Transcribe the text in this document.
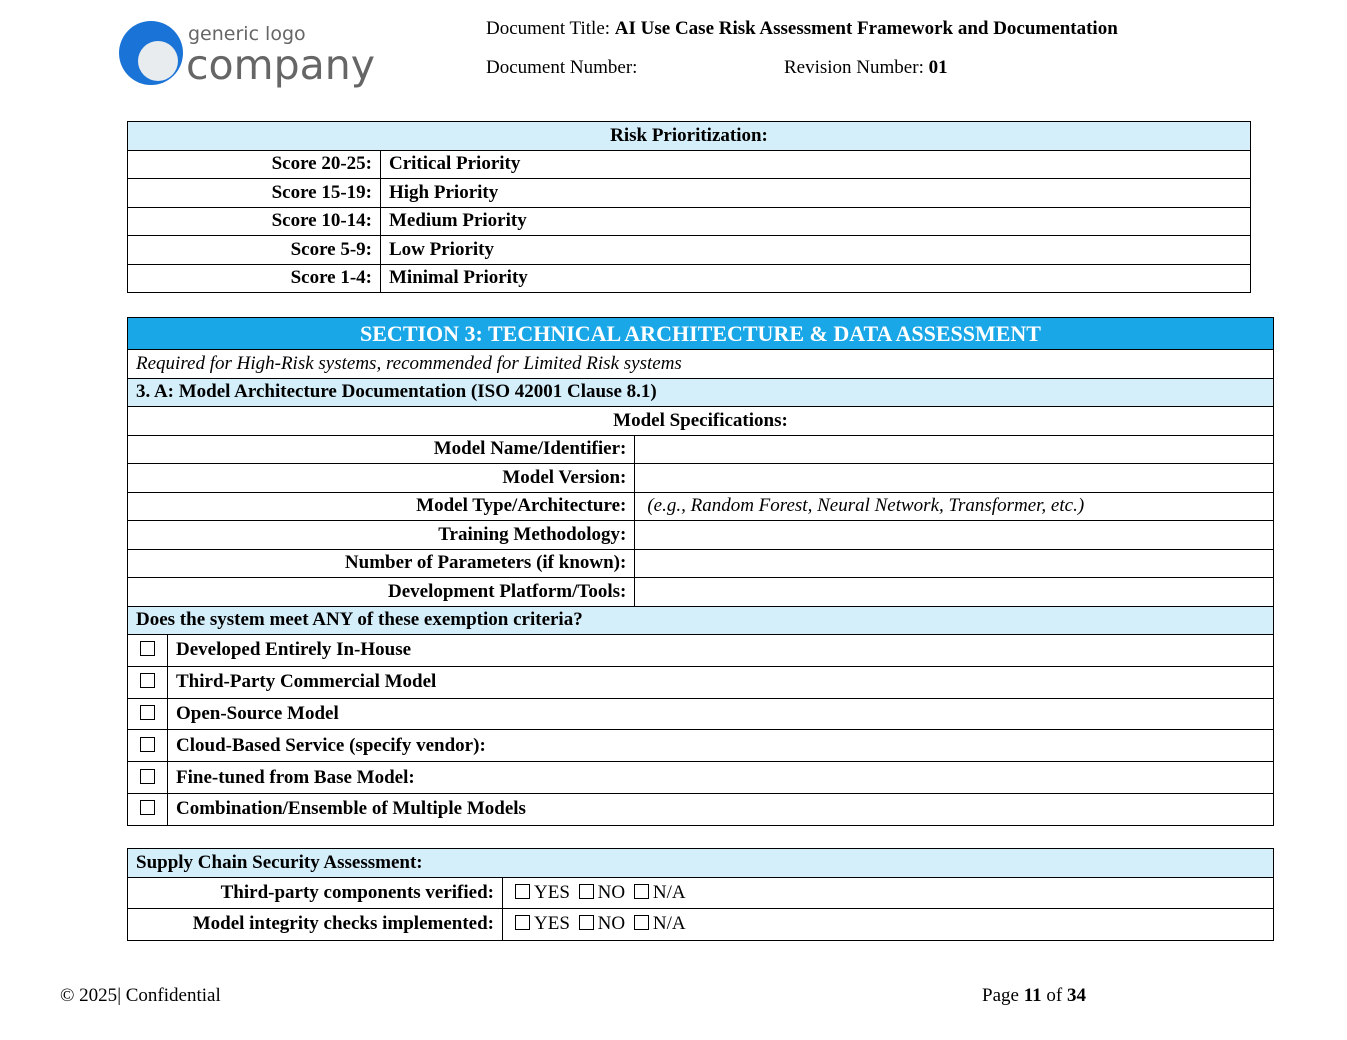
generic logo
company
Document Title: AI Use Case Risk Assessment Framework and Documentation
Document Number:	Revision Number: 01
Risk Prioritization:	
Score 20-25:	Critical Priority
Score 15-19:	High Priority
Score 10-14:	Medium Priority
Score 5-9:	Low Priority
Score 1-4:	Minimal Priority
SECTION 3: TECHNICAL ARCHITECTURE & DATA ASSESSMENT		
Required for High-Risk systems, recommended for Limited Risk systems		
3. A: Model Architecture Documentation (ISO 42001 Clause 8.1)		
Model Specifications:		
Model Name/Identifier:		
Model Version:		
Model Type/Architecture:		(e.g., Random Forest, Neural Network, Transformer, etc.)
Training Methodology:		
Number of Parameters (if known):		
Development Platform/Tools:		
Does the system meet ANY of these exemption criteria?		
	Developed Entirely In-House	
	Third-Party Commercial Model	
	Open-Source Model	
	Cloud-Based Service (specify vendor):	
	Fine-tuned from Base Model:	
	Combination/Ensemble of Multiple Models	
Supply Chain Security Assessment:	
Third-party components verified:	YES NO N/A
Model integrity checks implemented:	YES NO N/A
© 2025| Confidential	Page 11 of 34
